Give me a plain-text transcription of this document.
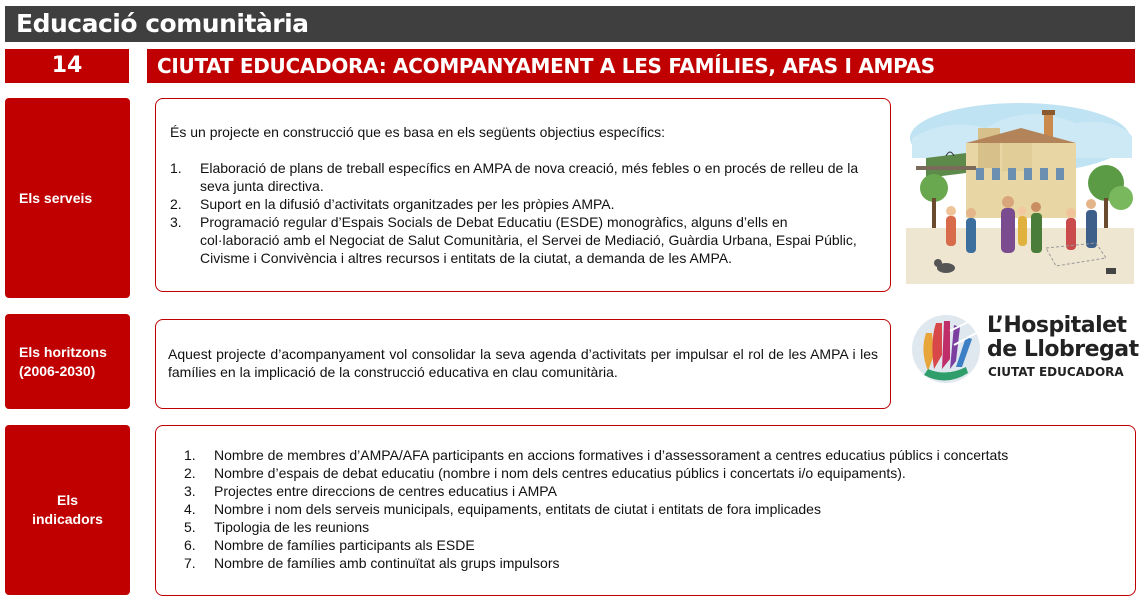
Educació comunitària
14	CIUTAT EDUCADORA: ACOMPANYAMENT A LES FAMÍLIES, AFAS I AMPAS
Els serveis
És un projecte en construcció que es basa en els següents objectius específics:
1.	Elaboració de plans de treball específics en AMPA de nova creació, més febles o en procés de relleu de la seva junta directiva.
2.	Suport en la difusió d’activitats organitzades per les pròpies AMPA.
3.	Programació regular d’Espais Socials de Debat Educatiu (ESDE) monogràfics, alguns d’ells en col·laboració amb el Negociat de Salut Comunitària, el Servei de Mediació, Guàrdia Urbana, Espai Públic, Civisme i Convivència i altres recursos i entitats de la ciutat, a demanda de les AMPA.
Els horitzons
(2006-2030)
Aquest projecte d’acompanyament vol consolidar la seva agenda d’activitats per impulsar el rol de les AMPA i les famílies en la implicació de la construcció educativa en clau comunitària.
Els
indicadors
1.	Nombre de membres d’AMPA/AFA participants en accions formatives i d’assessorament a centres educatius públics i concertats
2.	Nombre d’espais de debat educatiu (nombre i nom dels centres educatius públics i concertats i/o equipaments).
3.	Projectes entre direccions de centres educatius i AMPA
4.	Nombre i nom dels serveis municipals, equipaments, entitats de ciutat i entitats de fora implicades
5.	Tipologia de les reunions
6.	Nombre de famílies participants als ESDE
7.	Nombre de famílies amb continuïtat als grups impulsors
L’Hospitalet
de Llobregat
CIUTAT EDUCADORA
